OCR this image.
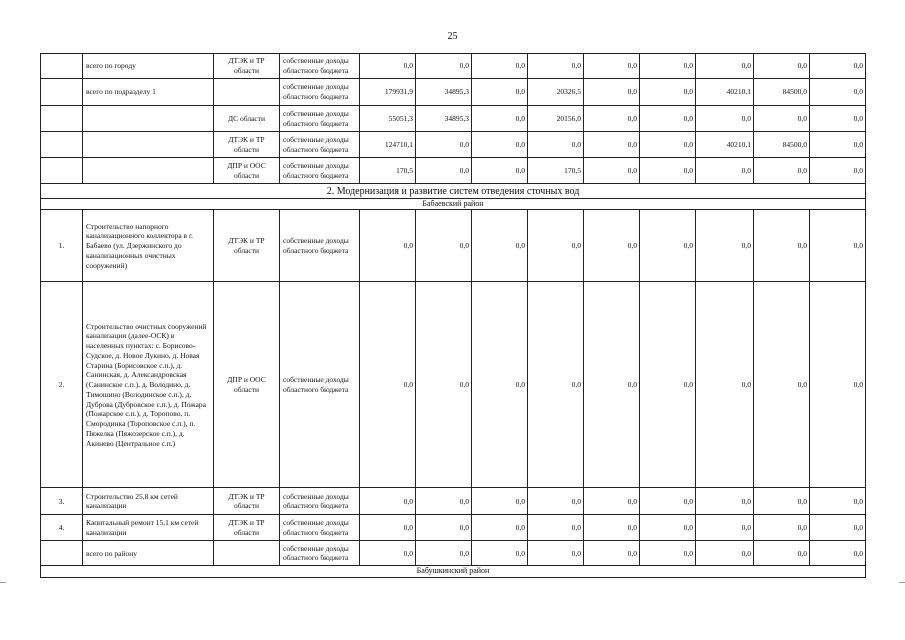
25
	всего по городу	ДТЭК и ТР области	собственные доходы областного бюджета	0,0	0,0	0,0	0,0	0,0	0,0	0,0	0,0	0,0
	всего по подразделу 1		собственные доходы областного бюджета	179931,9	34895,3	0,0	20326,5	0,0	0,0	40210,1	84500,0	0,0
		ДС области	собственные доходы областного бюджета	55051,3	34895,3	0,0	20156,0	0,0	0,0	0,0	0,0	0,0
		ДТЭК и ТР области	собственные доходы областного бюджета	124710,1	0,0	0,0	0,0	0,0	0,0	40210,1	84500,0	0,0
		ДПР и ООС области	собственные доходы областного бюджета	170,5	0,0	0,0	170,5	0,0	0,0	0,0	0,0	0,0
2. Модернизация и развитие систем отведения сточных вод												
Бабаевский район												
1.	Строительство напорного канализационного коллектора в г. Бабаево (ул. Дзержинского до канализационных очистных сооружений)	ДТЭК и ТР области	собственные доходы областного бюджета	0,0	0,0	0,0	0,0	0,0	0,0	0,0	0,0	0,0
2.	Строительство очистных сооружений канализации (далее-ОСК) в населенных пунктах: с. Борисово-Судское, д. Новое Лукино, д. Новая Старина (Борисовское с.п.), д. Санинская, д. Александровская (Санинское с.п.), д. Володино, д. Тимошино (Володинское с.п.), д. Дуброва (Дубровское с.п.), д. Пожара (Пожарское с.п.), д. Торопово, п. Смородинка (Тороповское с.п.), п. Пяжелка (Пяжозерское с.п.), д. Акинево (Центральное с.п.)	ДПР и ООС области	собственные доходы областного бюджета	0,0	0,0	0,0	0,0	0,0	0,0	0,0	0,0	0,0
3.	Строительство 25,8 км сетей канализации	ДТЭК и ТР области	собственные доходы областного бюджета	0,0	0,0	0,0	0,0	0,0	0,0	0,0	0,0	0,0
4.	Капитальный ремонт 15,1 км сетей канализации	ДТЭК и ТР области	собственные доходы областного бюджета	0,0	0,0	0,0	0,0	0,0	0,0	0,0	0,0	0,0
	всего по району		собственные доходы областного бюджета	0,0	0,0	0,0	0,0	0,0	0,0	0,0	0,0	0,0
Бабушкинский район												
